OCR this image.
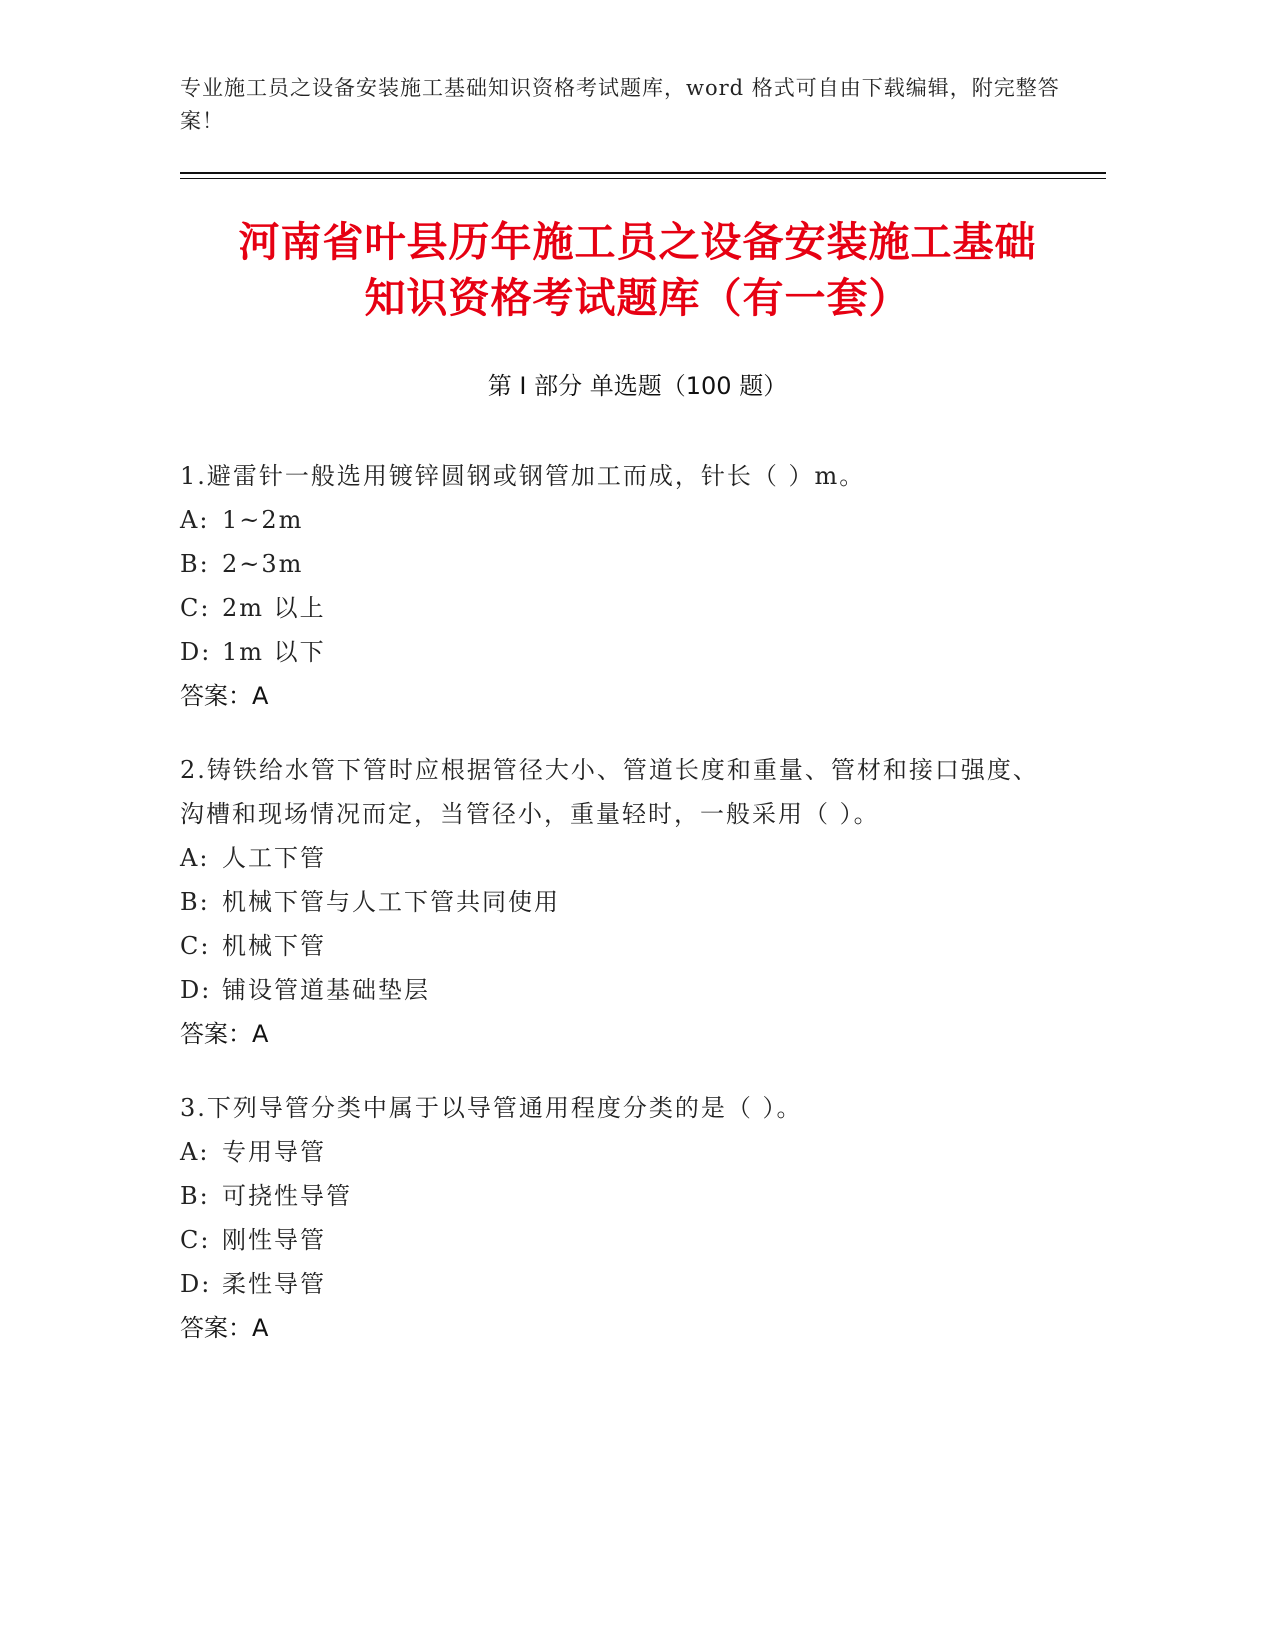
专业施工员之设备安装施工基础知识资格考试题库，word 格式可自由下载编辑，附完整答案！
河南省叶县历年施工员之设备安装施工基础
知识资格考试题库（有一套）
第 I 部分 单选题（100 题）
1.避雷针一般选用镀锌圆钢或钢管加工而成，针长（ ）m。
A: 1~2m
B: 2~3m
C: 2m 以上
D: 1m 以下
答案：A
2.铸铁给水管下管时应根据管径大小、管道长度和重量、管材和接口强度、沟槽和现场情况而定，当管径小，重量轻时，一般采用（ ）。
A: 人工下管
B: 机械下管与人工下管共同使用
C: 机械下管
D: 铺设管道基础垫层
答案：A
3.下列导管分类中属于以导管通用程度分类的是（ ）。
A: 专用导管
B: 可挠性导管
C: 刚性导管
D: 柔性导管
答案：A
